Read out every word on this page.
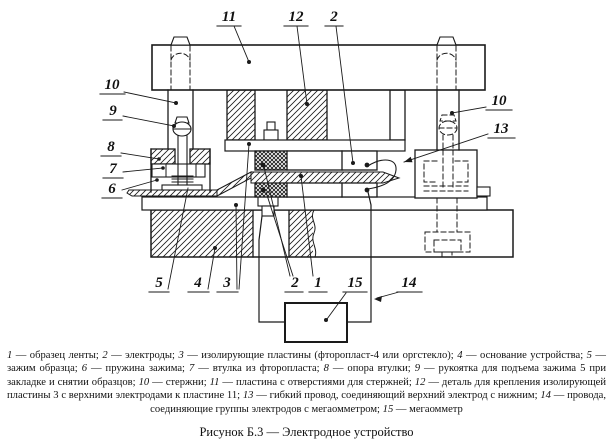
11	12 2
10
9
8
7
6
10
13
5 4 3	2 1 15	14

1 — образец ленты; 2 — электроды; 3 — изолирующие пластины (фторопласт-4 или оргстекло); 4 — основание устройства; 5 — зажим образца; 6 — пружина зажима; 7 — втулка из фторопласта; 8 — опора втулки; 9 — рукоятка для подъема зажима 5 при закладке и снятии образцов; 10 — стержни; 11 — пластина с отверстиями для стержней; 12 — деталь для крепления изолирующей пластины 3 с верхними электродами к пластине 11; 13 — гибкий провод, соединяющий верхний электрод с нижним; 14 — провода, соединяющие группы электродов с мегаомметром; 15 — мегаомметр

Рисунок Б.3 — Электродное устройство
